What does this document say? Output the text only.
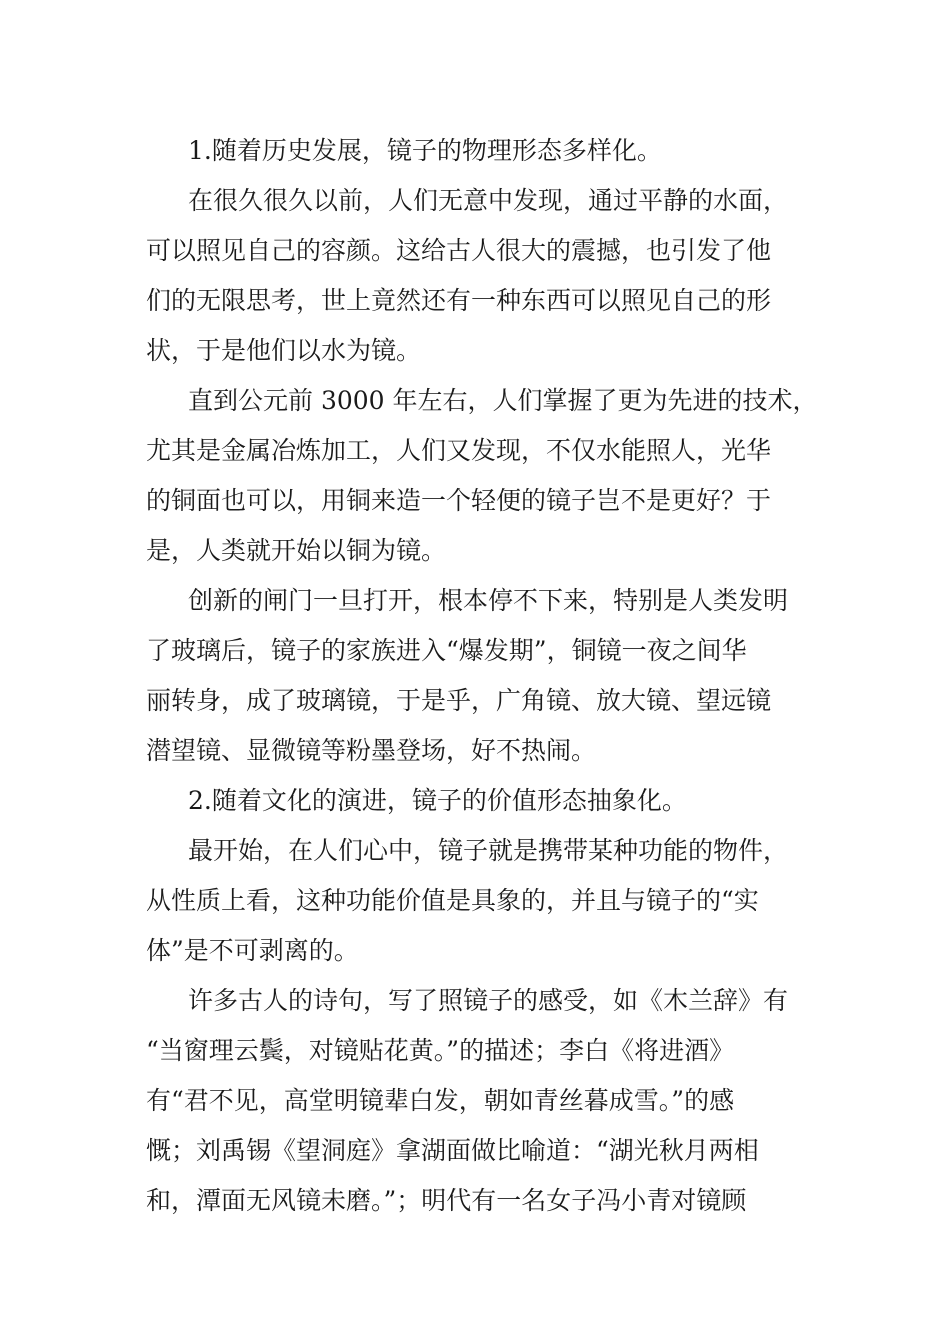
1.随着历史发展，镜子的物理形态多样化。
在很久很久以前，人们无意中发现，通过平静的水面，
可以照见自己的容颜。这给古人很大的震撼，也引发了他
们的无限思考，世上竟然还有一种东西可以照见自己的形
状，于是他们以水为镜。
直到公元前 3000 年左右，人们掌握了更为先进的技术，
尤其是金属冶炼加工，人们又发现，不仅水能照人，光华
的铜面也可以，用铜来造一个轻便的镜子岂不是更好？于
是，人类就开始以铜为镜。
创新的闸门一旦打开，根本停不下来，特别是人类发明
了玻璃后，镜子的家族进入“爆发期”，铜镜一夜之间华
丽转身，成了玻璃镜，于是乎，广角镜、放大镜、望远镜
潜望镜、显微镜等粉墨登场，好不热闹。
2.随着文化的演进，镜子的价值形态抽象化。
最开始，在人们心中，镜子就是携带某种功能的物件，
从性质上看，这种功能价值是具象的，并且与镜子的“实
体”是不可剥离的。
许多古人的诗句，写了照镜子的感受，如《木兰辞》有
“当窗理云鬓，对镜贴花黄。”的描述；李白《将进酒》
有“君不见，高堂明镜辈白发，朝如青丝暮成雪。”的感
慨；刘禹锡《望洞庭》拿湖面做比喻道：“湖光秋月两相
和，潭面无风镜未磨。”；明代有一名女子冯小青对镜顾
